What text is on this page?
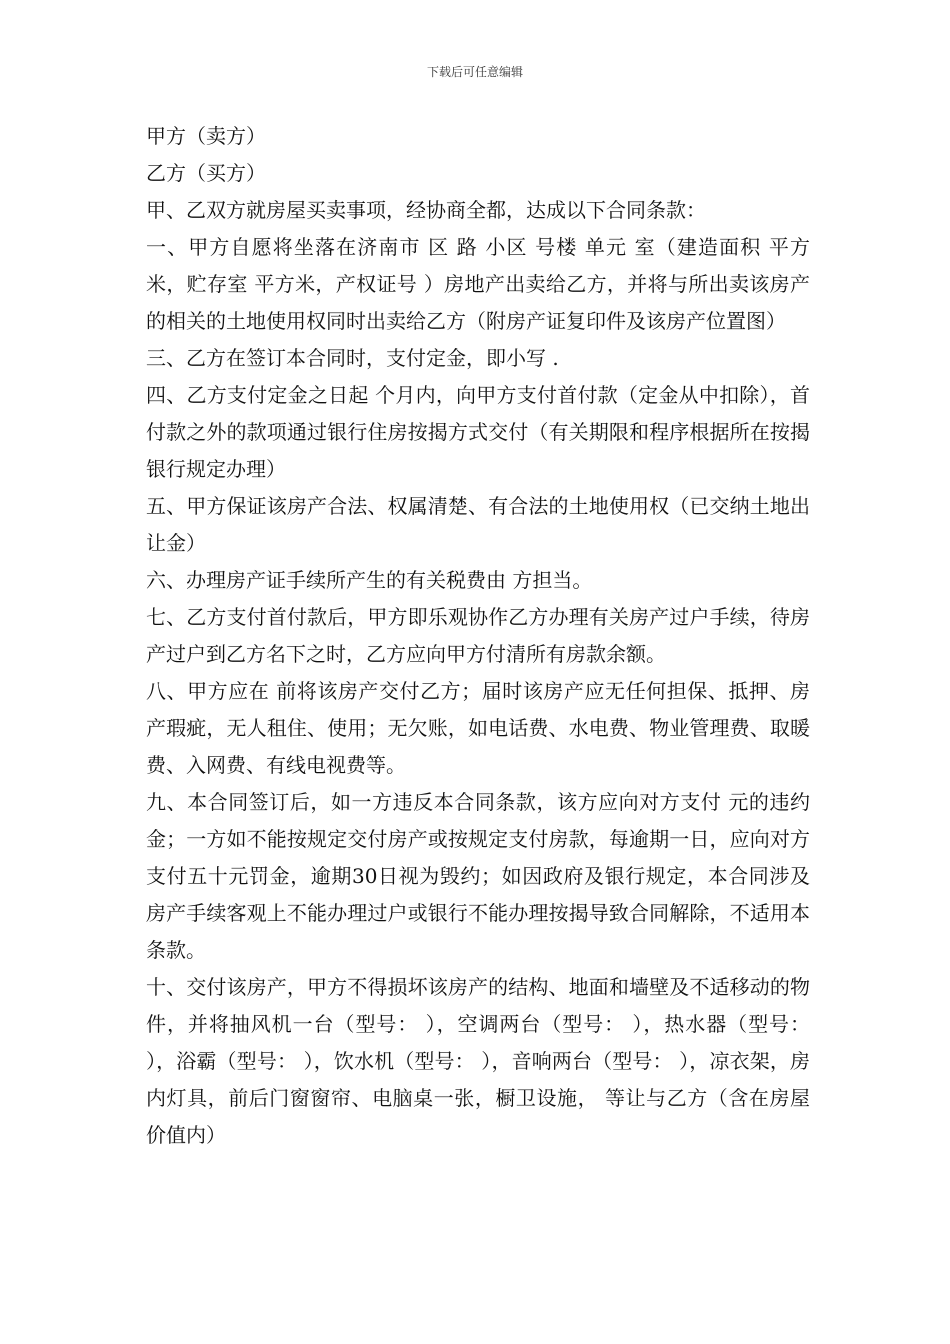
下载后可任意编辑

甲方（卖方）

乙方（买方）

甲、乙双方就房屋买卖事项，经协商全都，达成以下合同条款：

一、甲方自愿将坐落在济南市 区 路 小区 号楼 单元 室（建造面积 平方米，贮存室 平方米，产权证号 ）房地产出卖给乙方，并将与所出卖该房产的相关的土地使用权同时出卖给乙方（附房产证复印件及该房产位置图）

三、乙方在签订本合同时，支付定金，即小写 .

四、乙方支付定金之日起 个月内，向甲方支付首付款（定金从中扣除），首付款之外的款项通过银行住房按揭方式交付（有关期限和程序根据所在按揭银行规定办理）

五、甲方保证该房产合法、权属清楚、有合法的土地使用权（已交纳土地出让金）

六、办理房产证手续所产生的有关税费由 方担当。

七、乙方支付首付款后，甲方即乐观协作乙方办理有关房产过户手续，待房产过户到乙方名下之时，乙方应向甲方付清所有房款余额。

八、甲方应在 前将该房产交付乙方；届时该房产应无任何担保、抵押、房产瑕疵，无人租住、使用；无欠账，如电话费、水电费、物业管理费、取暖费、入网费、有线电视费等。

九、本合同签订后，如一方违反本合同条款，该方应向对方支付 元的违约金；一方如不能按规定交付房产或按规定支付房款，每逾期一日，应向对方支付五十元罚金，逾期30日视为毁约；如因政府及银行规定，本合同涉及房产手续客观上不能办理过户或银行不能办理按揭导致合同解除，不适用本条款。

十、交付该房产，甲方不得损坏该房产的结构、地面和墙壁及不适移动的物件，并将抽风机一台（型号： ），空调两台（型号： ），热水器（型号： ），浴霸（型号： ），饮水机（型号： ），音响两台（型号： ），凉衣架，房内灯具，前后门窗窗帘、电脑桌一张，橱卫设施， 等让与乙方（含在房屋价值内）
